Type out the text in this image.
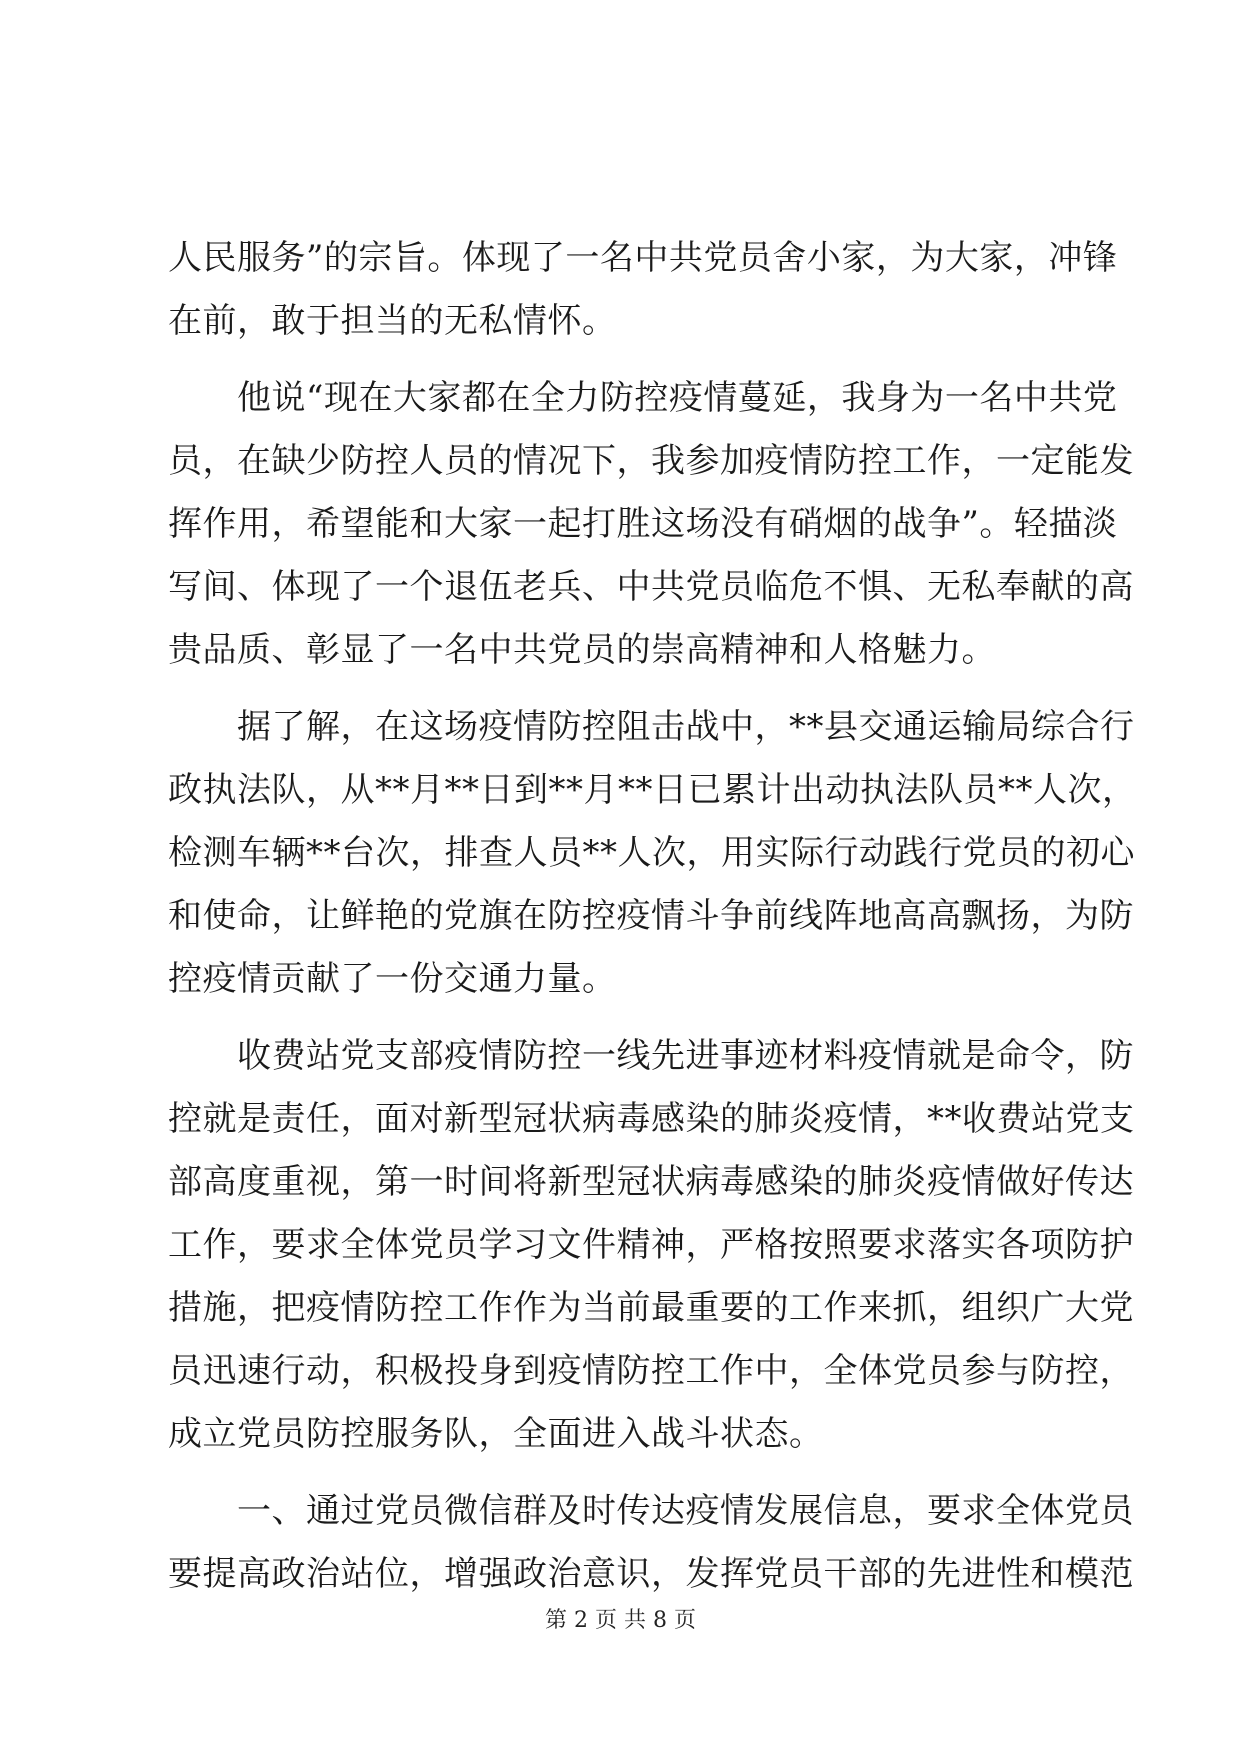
人民服务”的宗旨。体现了一名中共党员舍小家，为大家，冲锋
在前，敢于担当的无私情怀。
　　他说“现在大家都在全力防控疫情蔓延，我身为一名中共党
员，在缺少防控人员的情况下，我参加疫情防控工作，一定能发
挥作用，希望能和大家一起打胜这场没有硝烟的战争”。轻描淡
写间、体现了一个退伍老兵、中共党员临危不惧、无私奉献的高
贵品质、彰显了一名中共党员的崇高精神和人格魅力。
　　据了解，在这场疫情防控阻击战中，**县交通运输局综合行
政执法队，从**月**日到**月**日已累计出动执法队员**人次，
检测车辆**台次，排查人员**人次，用实际行动践行党员的初心
和使命，让鲜艳的党旗在防控疫情斗争前线阵地高高飘扬，为防
控疫情贡献了一份交通力量。
　　收费站党支部疫情防控一线先进事迹材料疫情就是命令，防
控就是责任，面对新型冠状病毒感染的肺炎疫情，**收费站党支
部高度重视，第一时间将新型冠状病毒感染的肺炎疫情做好传达
工作，要求全体党员学习文件精神，严格按照要求落实各项防护
措施，把疫情防控工作作为当前最重要的工作来抓，组织广大党
员迅速行动，积极投身到疫情防控工作中，全体党员参与防控，
成立党员防控服务队，全面进入战斗状态。
　　一、通过党员微信群及时传达疫情发展信息，要求全体党员
要提高政治站位，增强政治意识，发挥党员干部的先进性和模范
第 2 页 共 8 页
